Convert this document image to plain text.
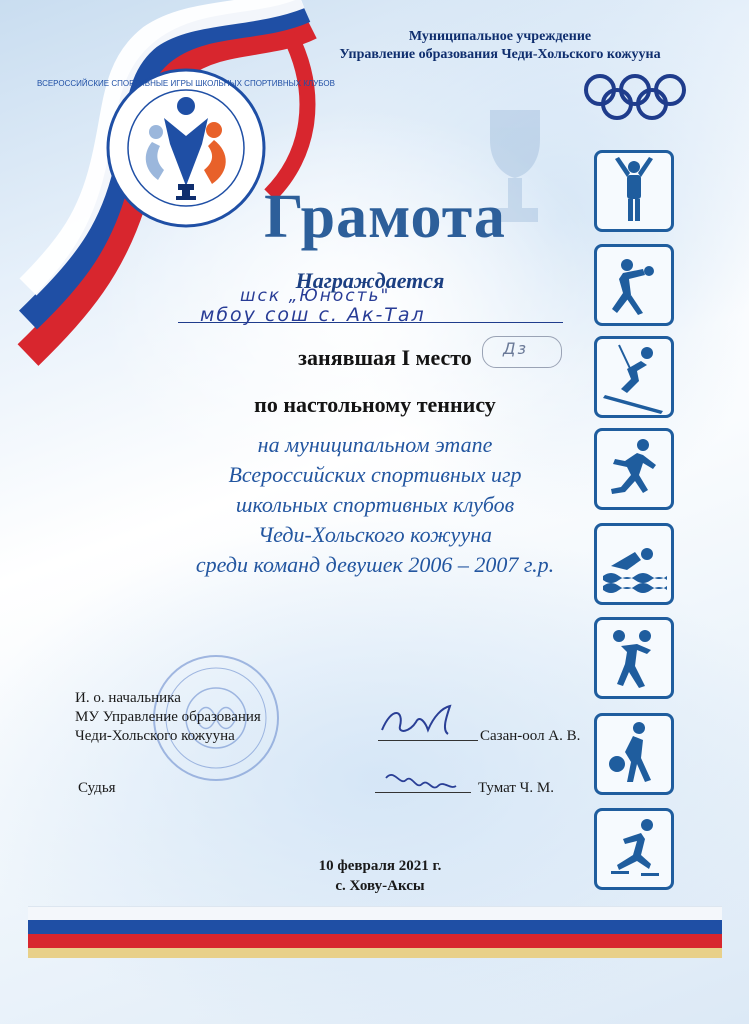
ВСЕРОССИЙСКИЕ СПОРТИВНЫЕ ИГРЫ ШКОЛЬНЫХ СПОРТИВНЫХ КЛУБОВ
Муниципальное учреждение
Управление образования Чеди-Хольского кожууна
Грамота
Награждается
шск „Юность"
мбоу сош с. Ак-Тал
занявшая I место	Дз
по настольному теннису
на муниципальном этапе
Всероссийских спортивных игр
школьных спортивных клубов
Чеди-Хольского кожууна
среди команд девушек 2006 – 2007 г.р.
И. о. начальника
МУ Управление образования
Чеди-Хольского кожууна	Сазан-оол А. В.
Судья	Тумат Ч. М.
10 февраля 2021 г.
с. Хову-Аксы
